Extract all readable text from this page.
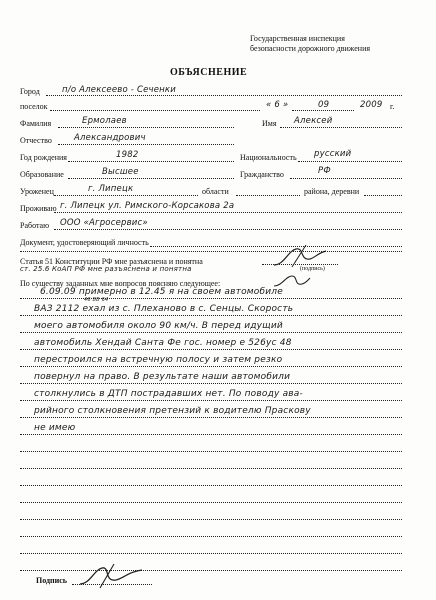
Государственная инспекция
безопасности дорожного движения
ОБЪЯСНЕНИЕ
Город	п/о Алексеево - Сеченки
поселок	« 6 »	09	2009 г.
Фамилия	Ермолаев	Имя Алексей
Отчество	Александрович
Год рождения	1982	Национальность русский
Образование	Высшее	Гражданство	РФ
Уроженец	г. Липецк	области	района, деревни
Проживаю г. Липецк ул. Римского-Корсакова 2а
Работаю ООО «Агросервис»
Документ, удостоверяющий личность
Статья 51 Конституции РФ мне разъяснена и понятна
ст. 25.6 КоАП РФ мне разъяснена и понятна	(подпись)
По существу заданных мне вопросов поясняю следующее:
6.09.09 примерно в 12.45 я на своем автомобиле
46 ВВ 64
ВАЗ 2112 ехал из с. Плеханово в с. Сенцы. Скорость
моего автомобиля около 90 км/ч. В перед идущий
автомобиль Хендай Санта Фе гос. номер е 526ус 48
перестроился на встречную полосу и затем резко
повернул на право. В результате наши автомобили
столкнулись в ДТП пострадавших нет. По поводу ава-
рийного столкновения претензий к водителю Праскову
не имею
Подпись
